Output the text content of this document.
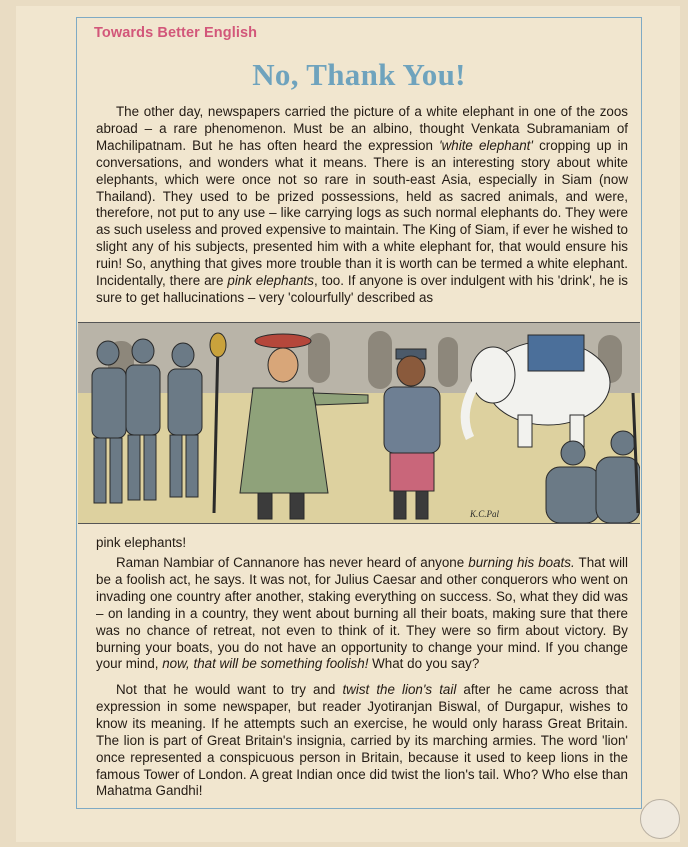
Towards Better English
No, Thank You!

The other day, newspapers carried the picture of a white elephant in one of the zoos abroad – a rare phenomenon. Must be an albino, thought Venkata Subramaniam of Machilipatnam. But he has often heard the expression 'white elephant' cropping up in conversations, and wonders what it means. There is an interesting story about white elephants, which were once not so rare in south-east Asia, especially in Siam (now Thailand). They used to be prized possessions, held as sacred animals, and were, therefore, not put to any use – like carrying logs as such normal elephants do. They were as such useless and proved expensive to maintain. The King of Siam, if ever he wished to slight any of his subjects, presented him with a white elephant for, that would ensure his ruin! So, anything that gives more trouble than it is worth can be termed a white elephant. Incidentally, there are pink elephants, too. If anyone is over indulgent with his 'drink', he is sure to get hallucinations – very 'colourfully' described as

K.C.Pal

pink elephants!

Raman Nambiar of Cannanore has never heard of anyone burning his boats. That will be a foolish act, he says. It was not, for Julius Caesar and other conquerors who went on invading one country after another, staking everything on success. So, what they did was – on landing in a country, they went about burning all their boats, making sure that there was no chance of retreat, not even to think of it. They were so firm about victory. By burning your boats, you do not have an opportunity to change your mind. If you change your mind, now, that will be something foolish! What do you say?

Not that he would want to try and twist the lion's tail after he came across that expression in some newspaper, but reader Jyotiranjan Biswal, of Durgapur, wishes to know its meaning. If he attempts such an exercise, he would only harass Great Britain. The lion is part of Great Britain's insignia, carried by its marching armies. The word 'lion' once represented a conspicuous person in Britain, because it used to keep lions in the famous Tower of London. A great Indian once did twist the lion's tail. Who? Who else than Mahatma Gandhi!
